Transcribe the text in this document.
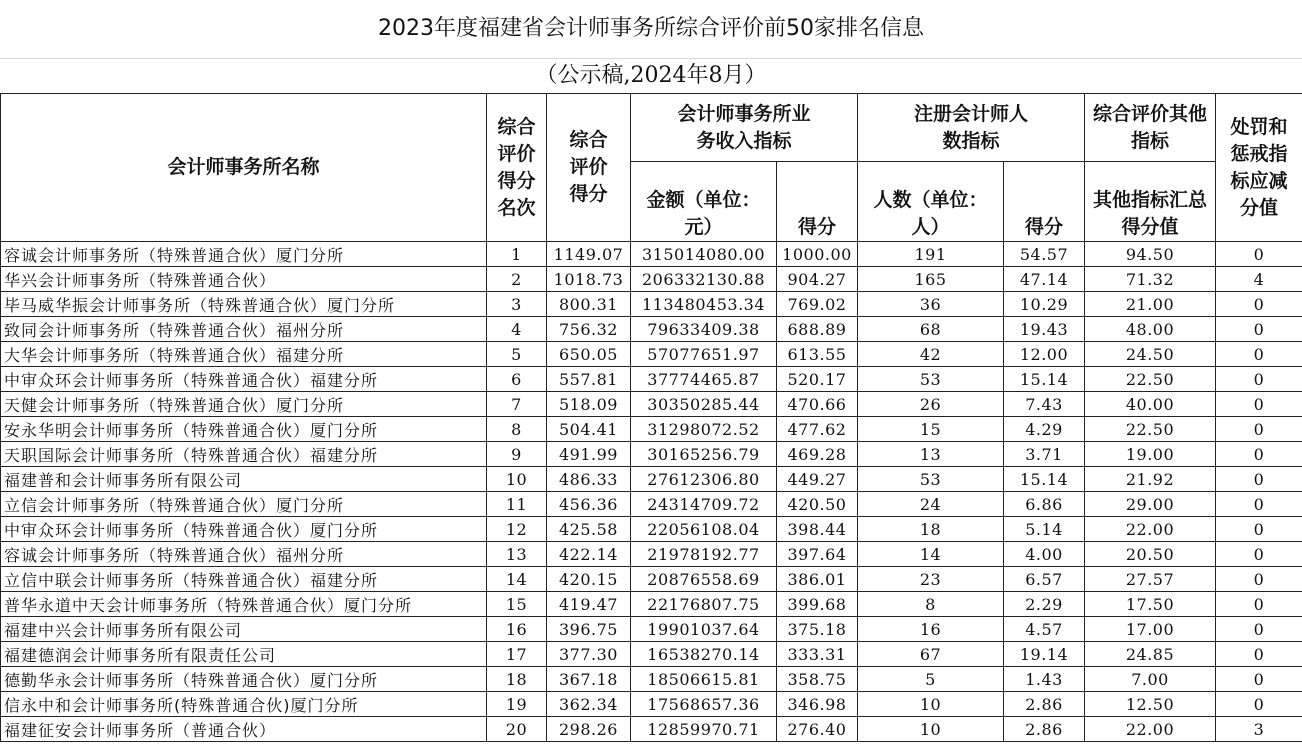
2023年度福建省会计师事务所综合评价前50家排名信息
（公示稿,2024年8月）
会计师事务所名称	综合评价得分名次	综合评价得分	会计师事务所业务收入指标		注册会计师人数指标		综合评价其他指标	处罚和惩戒指标应减分值

			金额（单位：元）	得分	人数（单位：人）	得分	其他指标汇总得分值	

容诚会计师事务所（特殊普通合伙）厦门分所	1	1149.07	315014080.00	1000.00	191	54.57	94.50	0
华兴会计师事务所（特殊普通合伙）	2	1018.73	206332130.88	904.27	165	47.14	71.32	4
毕马威华振会计师事务所（特殊普通合伙）厦门分所	3	800.31	113480453.34	769.02	36	10.29	21.00	0
致同会计师事务所（特殊普通合伙）福州分所	4	756.32	79633409.38	688.89	68	19.43	48.00	0
大华会计师事务所（特殊普通合伙）福建分所	5	650.05	57077651.97	613.55	42	12.00	24.50	0
中审众环会计师事务所（特殊普通合伙）福建分所	6	557.81	37774465.87	520.17	53	15.14	22.50	0
天健会计师事务所（特殊普通合伙）厦门分所	7	518.09	30350285.44	470.66	26	7.43	40.00	0
安永华明会计师事务所（特殊普通合伙）厦门分所	8	504.41	31298072.52	477.62	15	4.29	22.50	0
天职国际会计师事务所（特殊普通合伙）福建分所	9	491.99	30165256.79	469.28	13	3.71	19.00	0
福建普和会计师事务所有限公司	10	486.33	27612306.80	449.27	53	15.14	21.92	0
立信会计师事务所（特殊普通合伙）厦门分所	11	456.36	24314709.72	420.50	24	6.86	29.00	0
中审众环会计师事务所（特殊普通合伙）厦门分所	12	425.58	22056108.04	398.44	18	5.14	22.00	0
容诚会计师事务所（特殊普通合伙）福州分所	13	422.14	21978192.77	397.64	14	4.00	20.50	0
立信中联会计师事务所（特殊普通合伙）福建分所	14	420.15	20876558.69	386.01	23	6.57	27.57	0
普华永道中天会计师事务所（特殊普通合伙）厦门分所	15	419.47	22176807.75	399.68	8	2.29	17.50	0
福建中兴会计师事务所有限公司	16	396.75	19901037.64	375.18	16	4.57	17.00	0
福建德润会计师事务所有限责任公司	17	377.30	16538270.14	333.31	67	19.14	24.85	0
德勤华永会计师事务所（特殊普通合伙）厦门分所	18	367.18	18506615.81	358.75	5	1.43	7.00	0
信永中和会计师事务所(特殊普通合伙)厦门分所	19	362.34	17568657.36	346.98	10	2.86	12.50	0
福建征安会计师事务所（普通合伙）	20	298.26	12859970.71	276.40	10	2.86	22.00	3
